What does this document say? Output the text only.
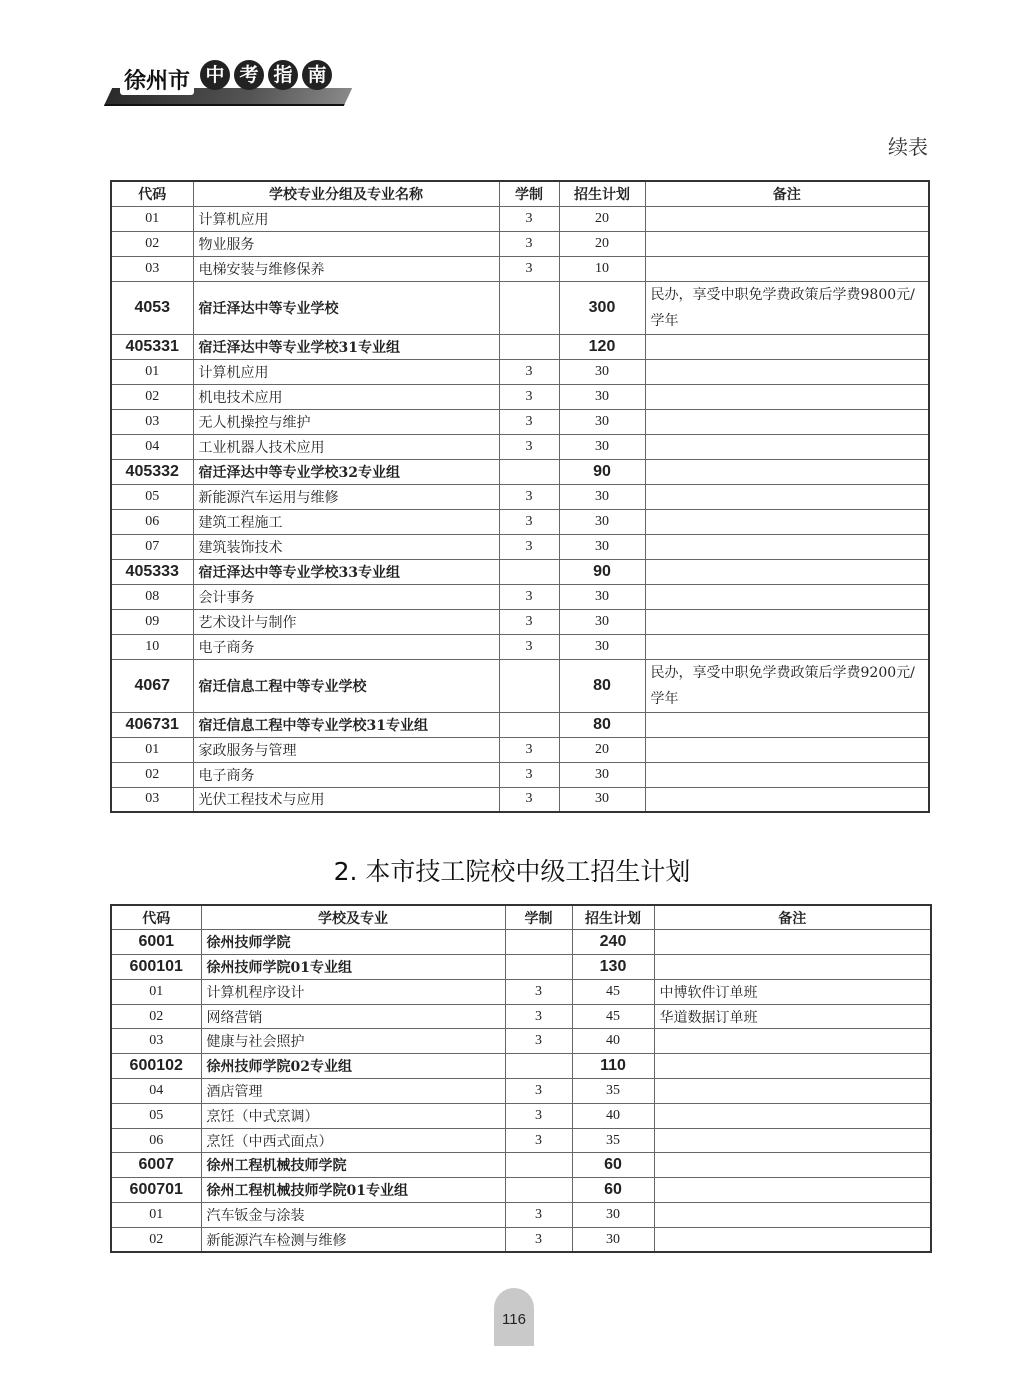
徐州市 中 考 指 南
续表
代码	学校专业分组及专业名称	学制	招生计划	备注
01	计算机应用	3	20	
02	物业服务	3	20	
03	电梯安装与维修保养	3	10	
4053	宿迁泽达中等专业学校		300	民办，享受中职免学费政策后学费9800元/学年
405331	宿迁泽达中等专业学校31专业组		120	
01	计算机应用	3	30	
02	机电技术应用	3	30	
03	无人机操控与维护	3	30	
04	工业机器人技术应用	3	30	
405332	宿迁泽达中等专业学校32专业组		90	
05	新能源汽车运用与维修	3	30	
06	建筑工程施工	3	30	
07	建筑装饰技术	3	30	
405333	宿迁泽达中等专业学校33专业组		90	
08	会计事务	3	30	
09	艺术设计与制作	3	30	
10	电子商务	3	30	
4067	宿迁信息工程中等专业学校		80	民办，享受中职免学费政策后学费9200元/学年
406731	宿迁信息工程中等专业学校31专业组		80	
01	家政服务与管理	3	20	
02	电子商务	3	30	
03	光伏工程技术与应用	3	30	
2. 本市技工院校中级工招生计划
代码	学校及专业	学制	招生计划	备注
6001	徐州技师学院		240	
600101	徐州技师学院01专业组		130	
01	计算机程序设计	3	45	中博软件订单班
02	网络营销	3	45	华道数据订单班
03	健康与社会照护	3	40	
600102	徐州技师学院02专业组		110	
04	酒店管理	3	35	
05	烹饪（中式烹调）	3	40	
06	烹饪（中西式面点）	3	35	
6007	徐州工程机械技师学院		60	
600701	徐州工程机械技师学院01专业组		60	
01	汽车钣金与涂装	3	30	
02	新能源汽车检测与维修	3	30	
116
